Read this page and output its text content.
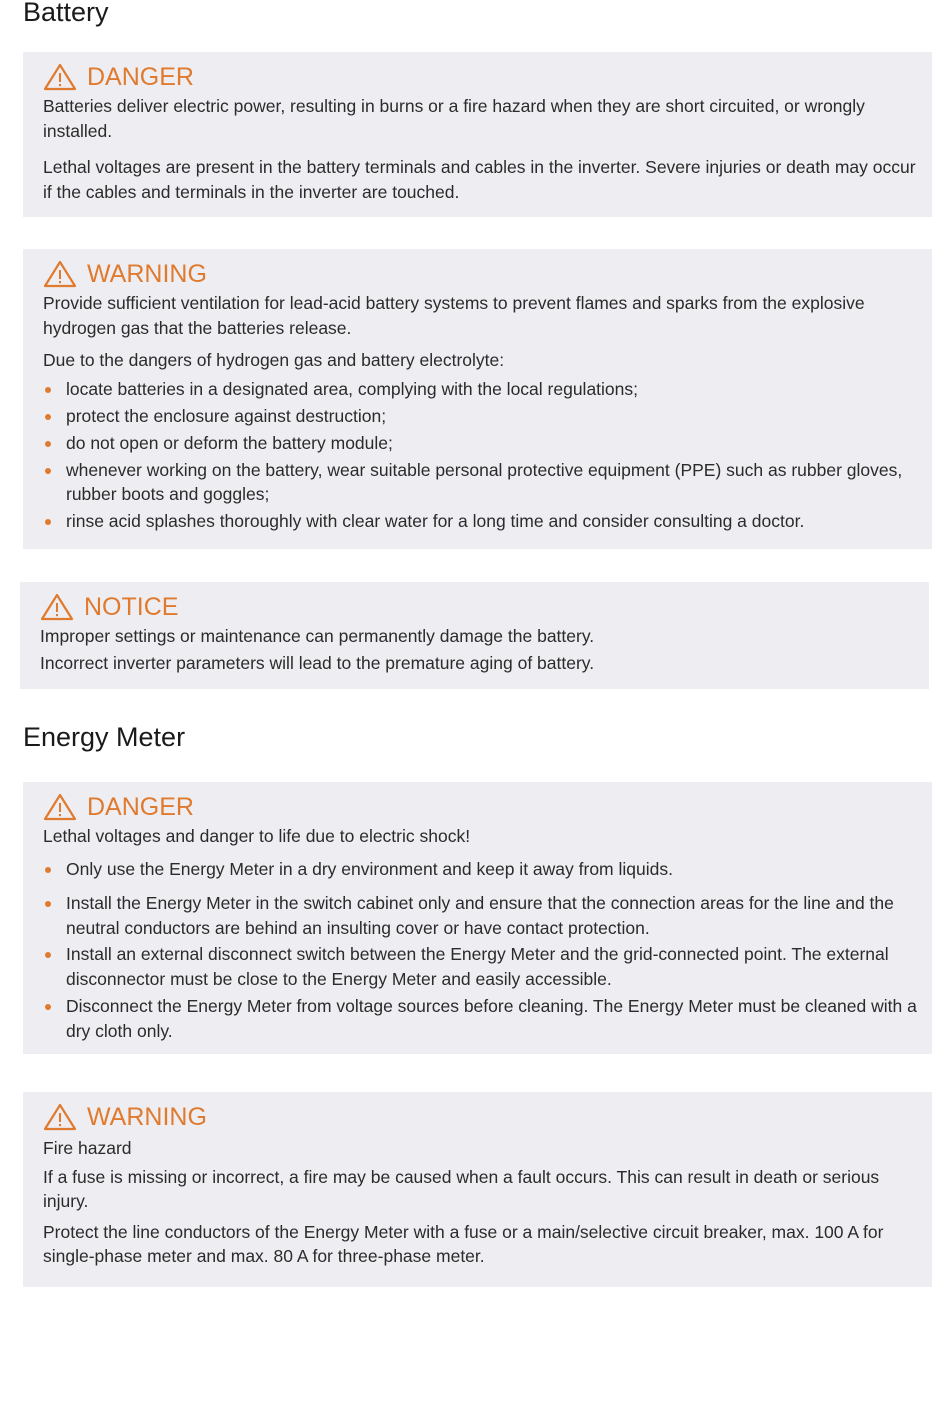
Battery
DANGER

Batteries deliver electric power, resulting in burns or a fire hazard when they are short circuited, or wrongly installed.

Lethal voltages are present in the battery terminals and cables in the inverter. Severe injuries or death may occur if the cables and terminals in the inverter are touched.

WARNING

Provide sufficient ventilation for lead-acid battery systems to prevent flames and sparks from the explosive hydrogen gas that the batteries release.

Due to the dangers of hydrogen gas and battery electrolyte:

locate batteries in a designated area, complying with the local regulations;
protect the enclosure against destruction;
do not open or deform the battery module;
whenever working on the battery, wear suitable personal protective equipment (PPE) such as rubber gloves, rubber boots and goggles;
rinse acid splashes thoroughly with clear water for a long time and consider consulting a doctor.
NOTICE

Improper settings or maintenance can permanently damage the battery.

Incorrect inverter parameters will lead to the premature aging of battery.

Energy Meter
DANGER

Lethal voltages and danger to life due to electric shock!

Only use the Energy Meter in a dry environment and keep it away from liquids.
Install the Energy Meter in the switch cabinet only and ensure that the connection areas for the line and the neutral conductors are behind an insulting cover or have contact protection.
Install an external disconnect switch between the Energy Meter and the grid-connected point. The external disconnector must be close to the Energy Meter and easily accessible.
Disconnect the Energy Meter from voltage sources before cleaning. The Energy Meter must be cleaned with a dry cloth only.
WARNING

Fire hazard

If a fuse is missing or incorrect, a fire may be caused when a fault occurs. This can result in death or serious injury.

Protect the line conductors of the Energy Meter with a fuse or a main/selective circuit breaker, max. 100 A for single-phase meter and max. 80 A for three-phase meter.
